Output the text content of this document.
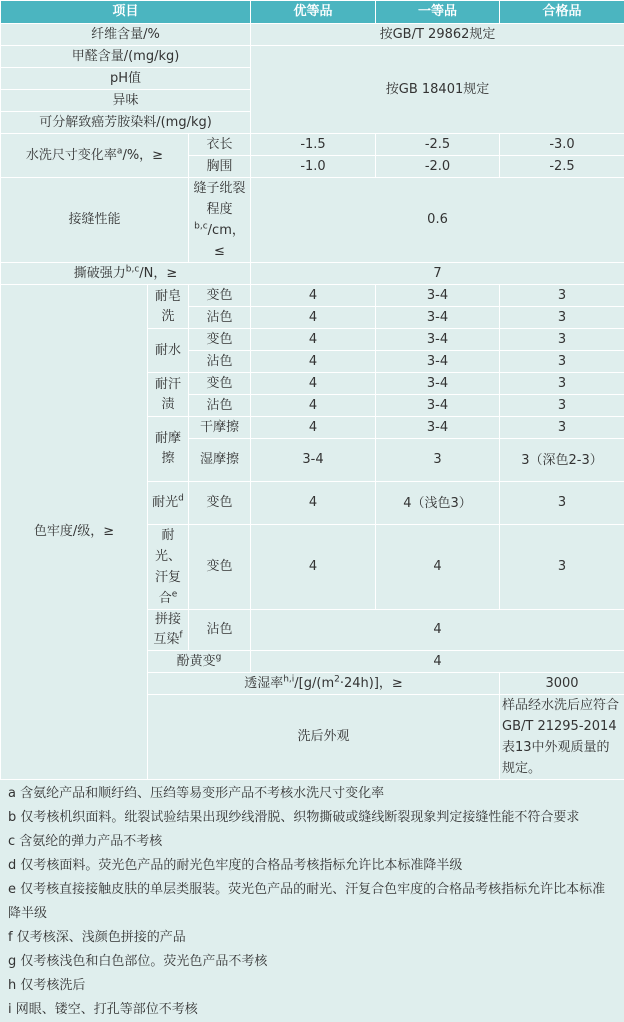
项目			优等品	一等品	合格品
纤维含量/%			按GB/T 29862规定		
甲醛含量/(mg/kg)			按GB 18401规定		
pH值					
异味					
可分解致癌芳胺染料/(mg/kg)					
水洗尺寸变化率$^a$/%，≥		衣长	-1.5	-2.5	-3.0
		胸围	-1.0	-2.0	-2.5
接缝性能		缝子纰裂程度$^{b,c}$/cm，≤	0.6		
撕破强力$^{b,c}$/N，≥			7		
色牢度/级，≥	耐皂洗	变色	4	3-4	3
		沾色	4	3-4	3
	耐水	变色	4	3-4	3
		沾色	4	3-4	3
	耐汗渍	变色	4	3-4	3
		沾色	4	3-4	3
	耐摩擦	干摩擦	4	3-4	3
		湿摩擦	3-4	3	3（深色2-3）
	耐光$^d$	变色	4	4（浅色3）	3
	耐光、汗复合$^e$	变色	4	4	3
	拼接互染$^f$	沾色	4		
	酚黄变$^g$		4		
	透湿率$^{h,i}/[g/(m^2\cdot 24h)]$，≥				3000
	洗后外观				样品经水洗后应符合GB/T 21295-2014表13中外观质量的规定。

a 含氨纶产品和顺纡绉、压绉等易变形产品不考核水洗尺寸变化率

b 仅考核机织面料。纰裂试验结果出现纱线滑脱、织物撕破或缝线断裂现象判定接缝性能不符合要求

c 含氨纶的弹力产品不考核

d 仅考核面料。荧光色产品的耐光色牢度的合格品考核指标允许比本标准降半级

e 仅考核直接接触皮肤的单层类服装。荧光色产品的耐光、汗复合色牢度的合格品考核指标允许比本标准降半级

f 仅考核深、浅颜色拼接的产品

g 仅考核浅色和白色部位。荧光色产品不考核

h 仅考核洗后

i 网眼、镂空、打孔等部位不考核
